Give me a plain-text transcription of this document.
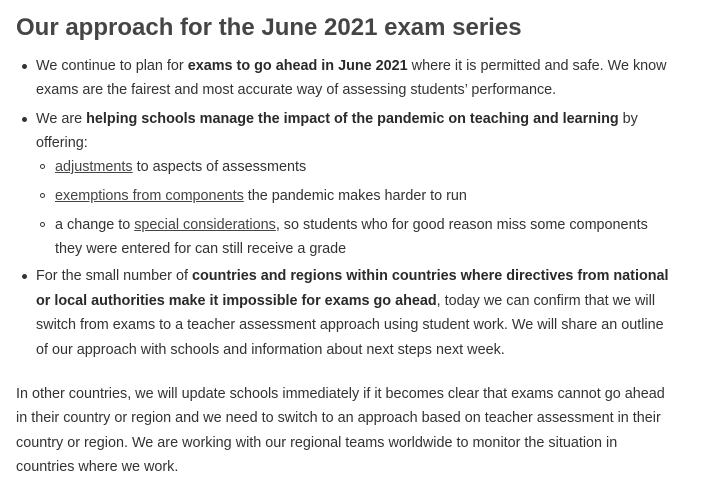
Our approach for the June 2021 exam series
We continue to plan for exams to go ahead in June 2021 where it is permitted and safe. We know
exams are the fairest and most accurate way of assessing students’ performance.
We are helping schools manage the impact of the pandemic on teaching and learning by
offering:
adjustments to aspects of assessments
exemptions from components the pandemic makes harder to run
a change to special considerations, so students who for good reason miss some components
they were entered for can still receive a grade
For the small number of countries and regions within countries where directives from national
or local authorities make it impossible for exams go ahead, today we can confirm that we will
switch from exams to a teacher assessment approach using student work. We will share an outline
of our approach with schools and information about next steps next week.
In other countries, we will update schools immediately if it becomes clear that exams cannot go ahead
in their country or region and we need to switch to an approach based on teacher assessment in their
country or region. We are working with our regional teams worldwide to monitor the situation in
countries where we work.
